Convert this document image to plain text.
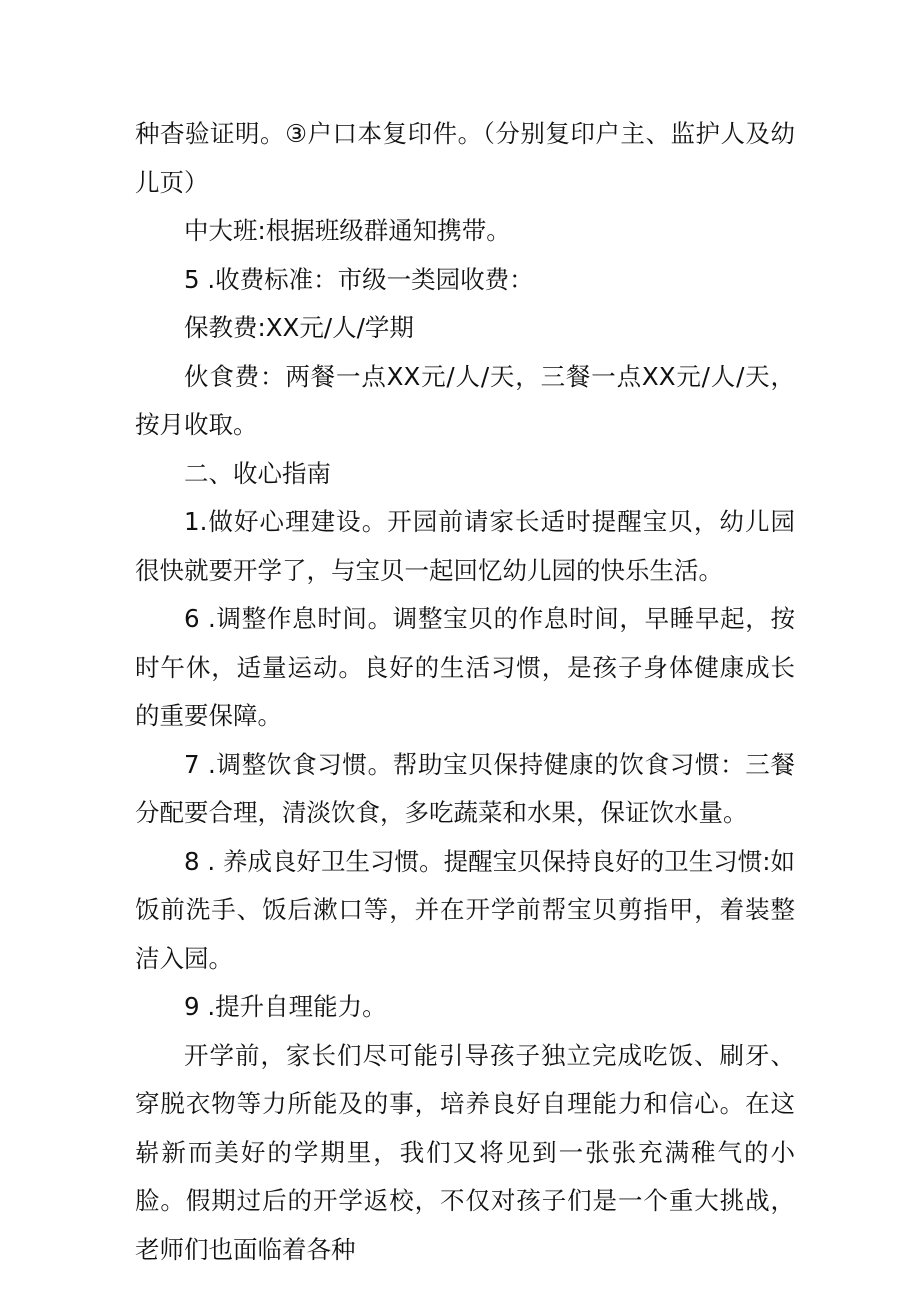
种杳验证明。③户口本复印件。（分别复印户主、监护人及幼儿页）

中大班:根据班级群通知携带。

5 .收费标准：市级一类园收费：

保教费:XX元/人/学期

伙食费：两餐一点XX元/人/天，三餐一点XX元/人/天，按月收取。

二、收心指南

1.做好心理建设。开园前请家长适时提醒宝贝，幼儿园很快就要开学了，与宝贝一起回忆幼儿园的快乐生活。

6 .调整作息时间。调整宝贝的作息时间，早睡早起，按时午休，适量运动。良好的生活习惯，是孩子身体健康成长的重要保障。

7 .调整饮食习惯。帮助宝贝保持健康的饮食习惯：三餐分配要合理，清淡饮食，多吃蔬菜和水果，保证饮水量。

8 . 养成良好卫生习惯。提醒宝贝保持良好的卫生习惯:如饭前洗手、饭后漱口等，并在开学前帮宝贝剪指甲，着装整洁入园。

9 .提升自理能力。

开学前，家长们尽可能引导孩子独立完成吃饭、刷牙、穿脱衣物等力所能及的事，培养良好自理能力和信心。在这崭新而美好的学期里，我们又将见到一张张充满稚气的小脸。假期过后的开学返校，不仅对孩子们是一个重大挑战，老师们也面临着各种
